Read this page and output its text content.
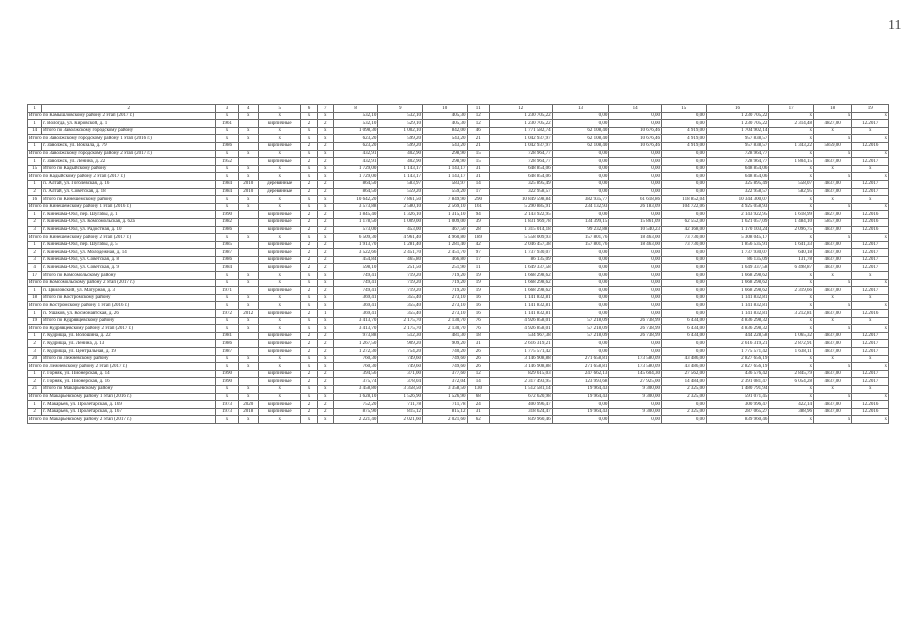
11
1	2	3	4	5	6	7	8	9	10	11	12	13	14	15	16	17	18	19
Итого по Камышловскому району 2 этап (2017 г.)		x	x	x	x	x	532,10	532,10	405,30	12	1 230 705,22	0,00	0,00	0,00	1 230 705,22	x	x	x
1	г. Вологда, ул. Кировской, д. 1	1961		кирпичные	2	2	532,10	529,10	405,30	12	1 230 705,22	0,00	0,00	0,00	1 230 705,22	2 314,48	4827,00	12.2017
14	Итого по Заволжскому городскому району	x	x	x	x	x	1 098,30	1 002,10	842,00	46	1 771 582,74	62 108,40	10 676,46	4 919,00	1 704 902,14	x	x	x
Итого по Заволжскому городскому району 1 этап (2016 г.)		x	x	x	x	x	623,20	599,20	543,20	21	1 042 937,97	62 108,40	10 676,46	4 919,00	957 838,57	x	x	x
1	г. Заволжск, ул. Вокзала, д. 79	1986		кирпичные	2	2	623,20	599,20	543,20	21	1 042 937,97	62 108,40	10 676,46	4 919,00	957 838,57	1 343,22	5859,00	12.2016
Итого по Заволжскому городскому району 2 этап (2017 г.)		x	x	x	x	x	432,91	402,90	298,90	15	728 964,77	0,00	0,00	0,00	728 964,77	x	x	x
1	г. Заволжск, ул. Ленина, д. 22	1952		кирпичные	2	2	432,91	402,90	298,90	15	728 964,77	0,00	0,00	0,00	728 964,77	1 804,15	4837,00	12.2017
15	Итого по Кадыйскому району	x	x	x	x	x	1 729,00	1 143,17	1 143,17	31	648 854,06	0,00	0,00	0,00	648 854,06	x	x	x
Итого по Кадыйскому району 2 этап (2017 г.)		x	x	x	x	x	1 729,00	1 143,17	1 143,17	31	648 854,06	0,00	0,00	0,00	648 854,06	x	x	x
1	п. Алтай, ул. Гоголевская, д. 16	1984	2010	деревянные	2	2	864,50	583,97	583,97	14	325 895,49	0,00	0,00	0,00	325 895,49	558,07	4837,00	12.2017
2	п. Алтай, ул. Советская, д. 18	1984	2010	деревянные	2	2	864,50	559,20	559,20	17	322 958,57	0,00	0,00	0,00	322 958,57	582,95	4837,00	12.2017
16	Итого по Кинешемскому району	x	x	x	x	x	10 642,20	7 861,50	7 849,90	290	10 849 598,84	382 935,77	61 618,86	118 852,04	10 344 300,07	x	x	x
Итого по Кинешемскому району 1 этап (2016 г.)		x	x	x	x	x	3 573,88	2 580,10	2 569,10	161	5 290 885,91	234 132,93	26 183,09	104 722,06	4 925 058,93	x	x	x
1	г. Кинешма-Обл, пер. Шугабы, д. 1	1990		кирпичные	2	2	1 845,40	1 326,10	1 315,10	94	2 143 922,95	0,00	0,00	0,00	2 143 922,95	1 618,99	4827,00	12.2016
2	г. Кинешма-Обл, ул. Комсомольская, д. 62а	1982		кирпичные	2	2	1 178,50	1 009,00	1 009,00	39	1 831 969,78	134 399,15	15 861,09	62 552,00	1 621 057,09	1 484,10	5857,00	12.2016
3	г. Кинешма-Обл, ул. Радостная, д. 10	1986		кирпичные	2	2	573,00	453,00	467,50	28	1 315 014,18	99 232,88	10 540,23	42 168,00	1 170 103,24	2 096,75	4837,00	12.2016
Итого по Кинешемскому району 2 этап (2017 г.)		x	x	x	x	x	6 509,30	4 961,40	4 960,80	189	5 558 009,93	157 801,76	18 463,00	73 730,00	5 308 045,17	x	x	x
1	г. Кинешма-Обл, пер. Шугабы, д. 5	1985		кирпичные	2	2	1 913,70	1 281,40	1 281,40	42	2 046 457,38	157 801,76	18 463,00	73 730,00	1 856 535,91	1 641,33	4837,00	12.2017
2	г. Кинешма-Обл, ул. Молодёжная, д. 14	1987		кирпичные	2	2	3 522,66	2 451,70	2 451,70	97	1 737 930,07	0,00	0,00	0,00	1 737 930,07	640,18	4837,00	12.2017
3	г. Кинешма-Обл, ул. Советская, д. 8	1986		кирпичные	2	2	454,84	465,80	466,80	17	86 135,09	0,00	0,00	0,00	86 135,09	131,78	4837,00	12.2017
4	г. Кинешма-Обл, ул. Советская, д. 9	1984		кирпичные	2	2	598,10	251,50	251,90	11	1 649 337,58	0,00	0,00	0,00	1 649 337,58	6 498,87	4837,00	12.2017
17	Итого по Комсомольскому району	x	x	x	x	x	749,41	719,20	719,20	19	1 668 298,62	0,00	0,00	0,00	1 668 298,62	x	x	x
Итого по Комсомольскому району 2 этап (2017 г.)		x	x	x	x	x	749,41	719,20	719,20	19	1 668 298,62	0,00	0,00	0,00	1 668 298,62	x	x	x
1	п. Цвиловский, ул. Матурная, д. 3	1971		кирпичные	2	2	749,41	719,20	719,20	19	1 668 298,62	0,00	0,00	0,00	1 668 298,62	2 319,66	4837,00	12.2017
18	Итого по Костромскому району	x	x	x	x	x	369,41	355,40	273,10	16	1 141 832,81	0,00	0,00	0,00	1 141 832,81	x	x	x
Итого по Костромскому району 1 этап (2016 г.)		x	x	x	x	x	369,41	355,40	273,10	16	1 141 832,81	0,00	0,00	0,00	1 141 832,81	x	x	x
1	п. Ушаков, ул. Космонавтская, д. 26	1972	2012	кирпичные	2	1	369,41	355,40	273,10	16	1 141 832,81	0,00	0,00	0,00	1 141 832,81	3 212,81	4837,00	12.2016
19	Итого по Кудрявцевскому району	x	x	x	x	x	3 413,70	2 175,70	2 130,70	76	4 926 858,01	57 218,09	26 738,99	6 434,00	4 836 298,32	x	x	x
Итого по Кудрявцевскому району 2 этап (2017 г.)		x	x	x	x	x	3 413,70	2 175,70	2 130,70	76	4 926 858,01	57 218,09	26 738,99	6 434,00	4 836 298,32	x	x	x
1	г. Кудрища, ул. Волошина, д. 22	1981		кирпичные	2	2	973,88	512,30	481,30	18	534 967,38	57 218,09	26 738,99	6 434,00	444 228,58	1 065,32	4837,00	12.2017
2	г. Кудрища, ул. Ленина, д. 13	1986		кирпичные	2	2	1 267,50	909,20	909,20	31	2 616 319,21	0,00	0,00	0,00	2 616 319,21	2 872,91	4837,00	12.2017
3	г. Кудрища, ул. Центральная, д. 19	1987		кирпичные	2	2	1 272,30	754,20	740,20	26	1 775 571,42	0,00	0,00	0,00	1 775 571,42	1 638,11	4837,00	12.2017
20	Итого по Лежневскому району	x	x	x	x	x	760,30	749,60	749,60	26	3 146 908,88	271 658,81	173 580,09	43 486,00	2 827 656,19	x	x	x
Итого по Лежневскому району 2 этап (2017 г.)		x	x	x	x	x	760,30	749,60	749,60	26	3 146 908,88	271 658,81	173 580,09	43 486,00	2 827 656,19	x	x	x
1	г. Горняк, ул. Пионерская, д. 14	1990		кирпичные	2	2	394,56	371,00	377,60	12	829 615,03	247 662,13	145 604,30	27 562,00	436 576,42	2 845,79	4837,00	12.2017
2	г. Горняк, ул. Пионерская, д. 16	1990		кирпичные	2	2	375,74	378,04	372,04	14	2 317 493,95	123 993,68	27 925,00	14 484,00	2 391 081,47	6 054,28	4837,00	12.2017
21	Итого по Макарьевскому району	x	x	x	x	x	3 458,80	3 358,50	3 358,50	130	1 512 581,14	19 964,43	9 300,00	2 325,00	1 480 791,94	x	x	x
Итого по Макарьевскому району 1 этап (2016 г.)		x	x	x	x	x	1 628,10	1 526,90	1 526,90	68	672 620,98	19 964,43	9 300,00	2 325,00	591 071,45	x	x	x
1	г. Макарьев, ул. Пролетарская, д. 169	1973	2020	кирпичные	2	2	752,20	711,78	711,78	24	400 996,47	0,00	0,00	0,00	300 996,47	422,14	4837,00	12.2016
2	г. Макарьев, ул. Пролетарская, д. 167	1973	2018	кирпичные	2	2	875,90	815,12	815,12	31	318 624,47	19 964,43	9 300,00	2 325,00	287 065,27	388,96	4837,00	12.2016
Итого по Макарьевскому району 2 этап (2017 г.)		x	x	x	x	x	2 221,40	2 021,60	2 021,60	62	839 960,46	0,00	0,00	0,00	839 960,46	x	x	x
